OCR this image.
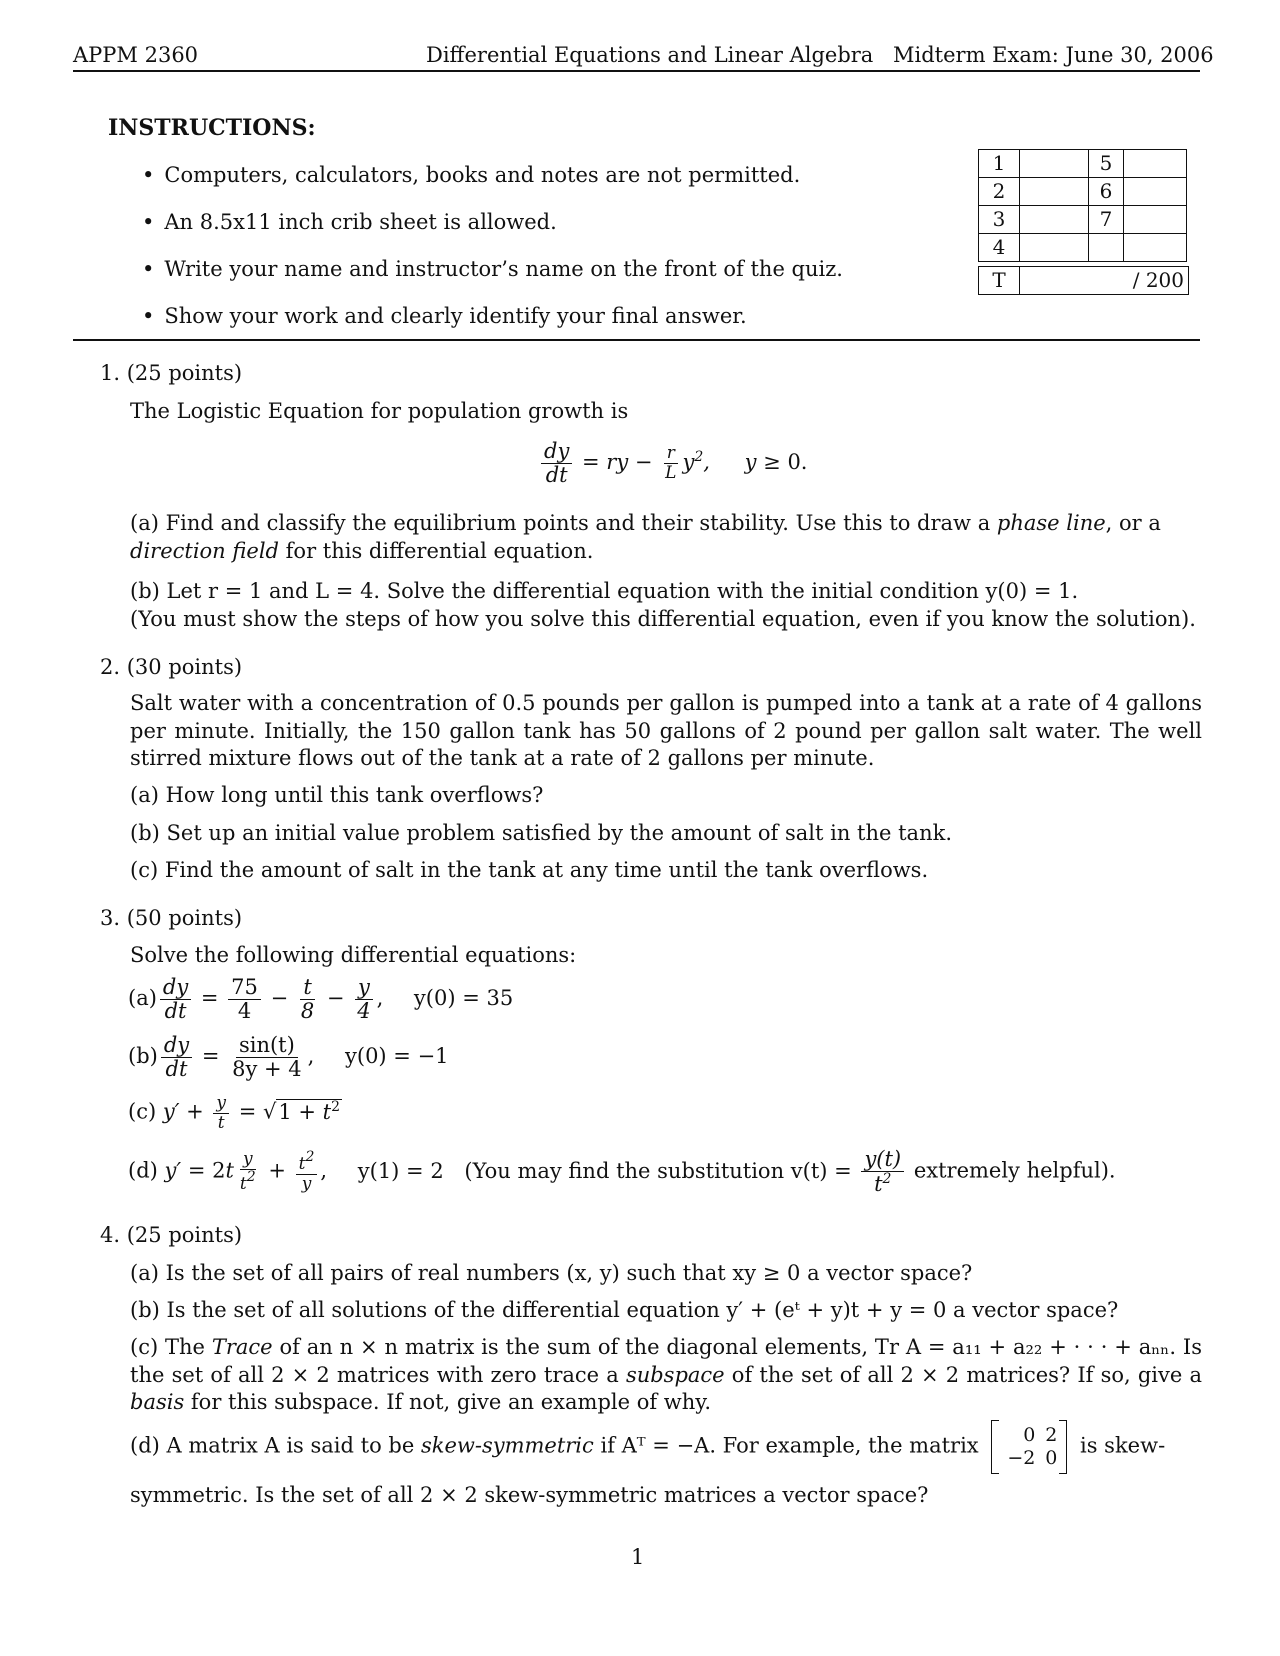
APPM 2360	Differential Equations and Linear Algebra Midterm Exam: June 30, 2006
INSTRUCTIONS:
• Computers, calculators, books and notes are not permitted.
• An 8.5x11 inch crib sheet is allowed.
• Write your name and instructor’s name on the front of the quiz.
• Show your work and clearly identify your final answer.
1		5	
2		6	
3		7	
4			
T	/ 200
1. (25 points)
The Logistic Equation for population growth is
$\frac{dy}{dt}$ = ry − $\frac{r}{L} y^2$, y ≥ 0.
(a) Find and classify the equilibrium points and their stability. Use this to draw a phase line, or a direction field for this differential equation.
(b) Let r = 1 and L = 4. Solve the differential equation with the initial condition y(0) = 1.
(You must show the steps of how you solve this differential equation, even if you know the solution).
2. (30 points)
Salt water with a concentration of 0.5 pounds per gallon is pumped into a tank at a rate of 4 gallons per minute. Initially, the 150 gallon tank has 50 gallons of 2 pound per gallon salt water. The well stirred mixture flows out of the tank at a rate of 2 gallons per minute.
(a) How long until this tank overflows?
(b) Set up an initial value problem satisfied by the amount of salt in the tank.
(c) Find the amount of salt in the tank at any time until the tank overflows.
3. (50 points)
Solve the following differential equations:
$(a) \frac{dy}{dt} = \frac{75}{4} - \frac{t}{8} - \frac{y}{4}$ , y(0) = 35
$(b) \frac{dy}{dt} = \frac{\sin(t)}{8y + 4}$ , y(0) = −1
(c) $y' + \frac{y}{t} = √1 + t^2$
(d) $y' = 2t \frac{y}{t^2} + \frac{t^2}{y}$ , y(1) = 2 (You may find the substitution $v(t) = \frac{y(t)}{t^2}$ extremely helpful).
4. (25 points)
(a) Is the set of all pairs of real numbers (x, y) such that xy ≥ 0 a vector space?
(b) Is the set of all solutions of the differential equation y′ + (eᵗ + y)t + y = 0 a vector space?
(c) The Trace of an n × n matrix is the sum of the diagonal elements, Tr A = a₁₁ + a₂₂ + · · · + aₙₙ. Is the set of all 2 × 2 matrices with zero trace a subspace of the set of all 2 × 2 matrices? If so, give a basis for this subspace. If not, give an example of why.
(d) A matrix A is said to be skew-symmetric if Aᵀ = −A. For example, the matrix	0 2
−2 0
is skew-
symmetric. Is the set of all 2 × 2 skew-symmetric matrices a vector space?
1
